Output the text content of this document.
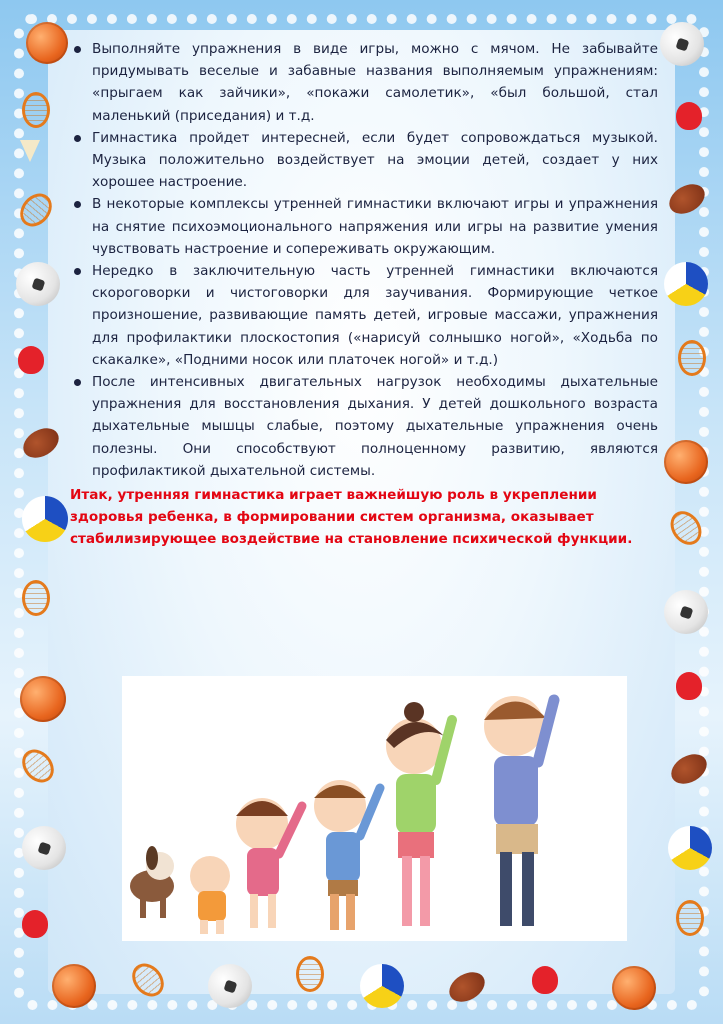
Выполняйте упражнения в виде игры, можно с мячом. Не забывайте придумывать веселые и забавные названия выполняемым упражнениям: «прыгаем как зайчики», «покажи самолетик», «был большой, стал маленький (приседания) и т.д.
Гимнастика пройдет интересней, если будет сопровождаться музыкой. Музыка положительно воздействует на эмоции детей, создает у них хорошее настроение.
В некоторые комплексы утренней гимнастики включают игры и упражнения на снятие психоэмоционального напряжения или игры на развитие умения чувствовать настроение и сопереживать окружающим.
Нередко в заключительную часть утренней гимнастики включаются скороговорки и чистоговорки для заучивания. Формирующие четкое произношение, развивающие память детей, игровые массажи, упражнения для профилактики плоскостопия («нарисуй солнышко ногой», «Ходьба по скакалке», «Подними носок или платочек ногой» и т.д.)
После интенсивных двигательных нагрузок необходимы дыхательные упражнения для восстановления дыхания. У детей дошкольного возраста дыхательные мышцы слабые, поэтому дыхательные упражнения очень полезны. Они способствуют полноценному развитию, являются профилактикой дыхательной системы.

Итак, утренняя гимнастика играет важнейшую роль в укреплении здоровья ребенка, в формировании систем организма, оказывает стабилизирующее воздействие на становление психической функции.
